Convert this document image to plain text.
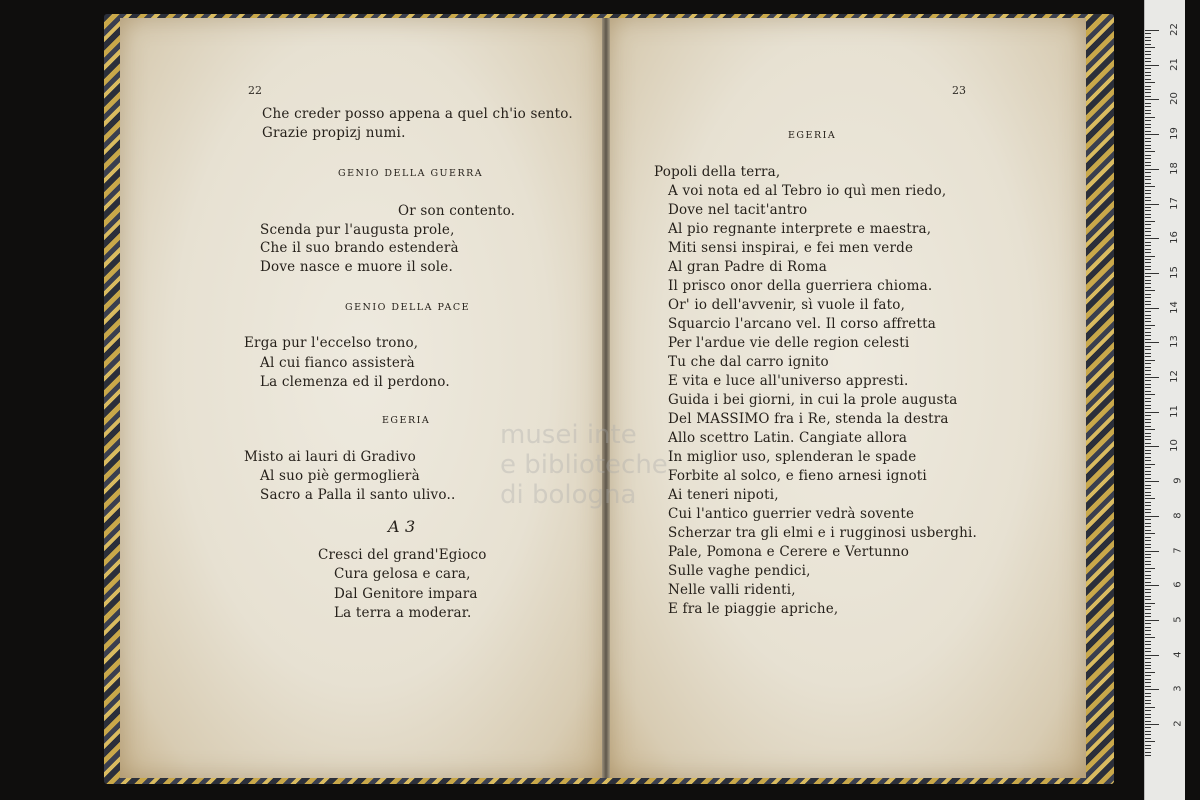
22
Che creder posso appena a quel ch'io sento.
Grazie propizj numi.
GENIO DELLA GUERRA
Or son contento.
Scenda pur l'augusta prole,
Che il suo brando estenderà
Dove nasce e muore il sole.
GENIO DELLA PACE
Erga pur l'eccelso trono,
Al cui fianco assisterà
La clemenza ed il perdono.
EGERIA
Misto ai lauri di Gradivo
Al suo piè germoglierà
Sacro a Palla il santo ulivo..
A 3
Cresci del grand'Egioco
Cura gelosa e cara,
Dal Genitore impara
La terra a moderar.
23
EGERIA
Popoli della terra,
A voi nota ed al Tebro io quì men riedo,
Dove nel tacit'antro
Al pio regnante interprete e maestra,
Miti sensi inspirai, e fei men verde
Al gran Padre di Roma
Il prisco onor della guerriera chioma.
Or' io dell'avvenir, sì vuole il fato,
Squarcio l'arcano vel. Il corso affretta
Per l'ardue vie delle region celesti
Tu che dal carro ignito
E vita e luce all'universo appresti.
Guida i bei giorni, in cui la prole augusta
Del MASSIMO fra i Re, stenda la destra
Allo scettro Latin. Cangiate allora
In miglior uso, splenderan le spade
Forbite al solco, e fieno arnesi ignoti
Ai teneri nipoti,
Cui l'antico guerrier vedrà sovente
Scherzar tra gli elmi e i rugginosi usberghi.
Pale, Pomona e Cerere e Vertunno
Sulle vaghe pendici,
Nelle valli ridenti,
E fra le piaggie apriche,
musei inte
e biblioteche
di bologna
22
21
20
19
18
17
16
15
14
13
12
11
10
9
8
7
6
5
4
3
2
